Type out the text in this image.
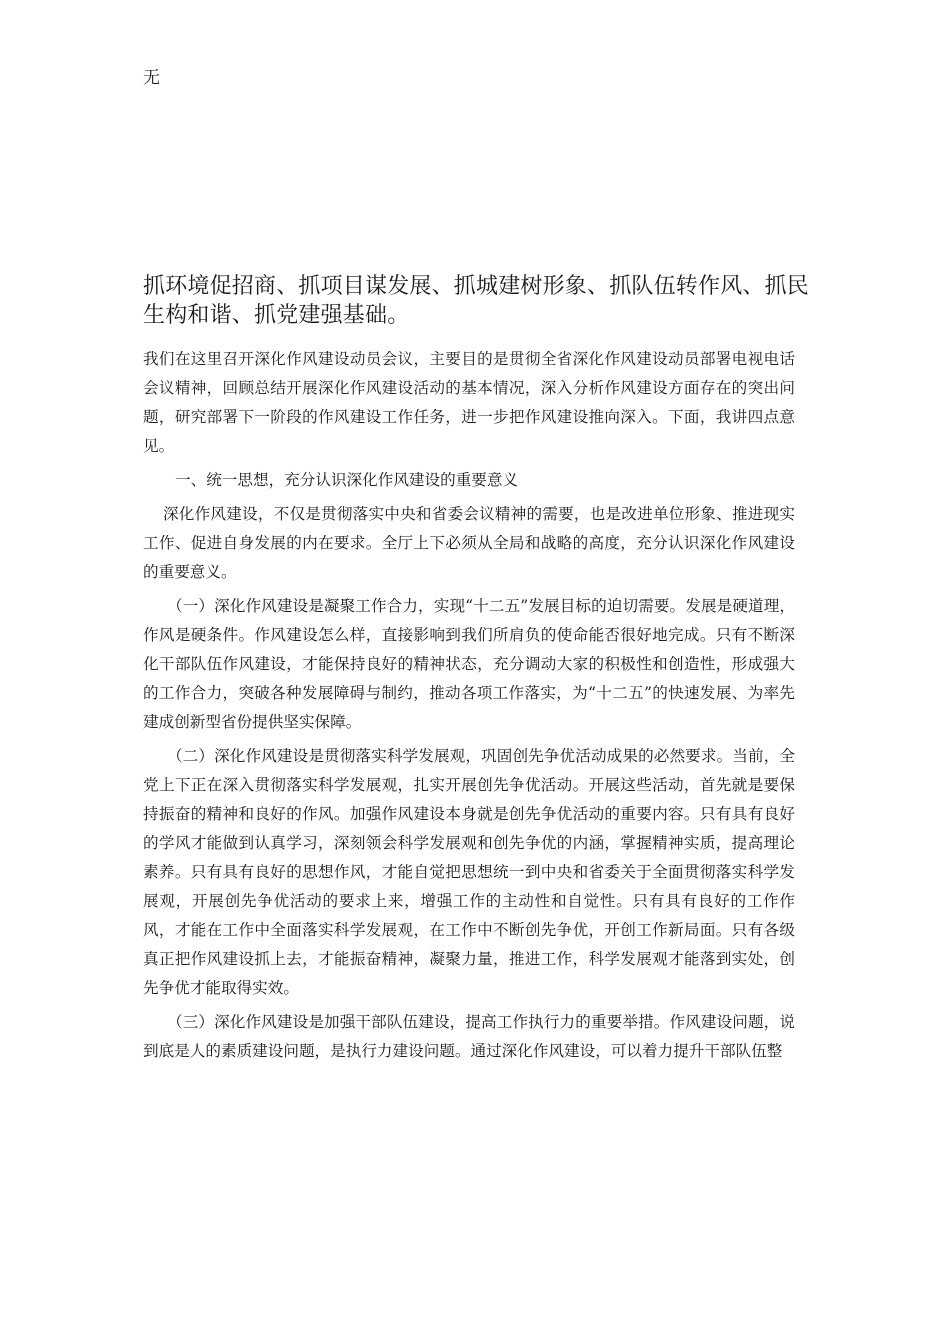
无
抓环境促招商、抓项目谋发展、抓城建树形象、抓队伍转作风、抓民生构和谐、抓党建强基础。

我们在这里召开深化作风建设动员会议，主要目的是贯彻全省深化作风建设动员部署电视电话会议精神，回顾总结开展深化作风建设活动的基本情况，深入分析作风建设方面存在的突出问题，研究部署下一阶段的作风建设工作任务，进一步把作风建设推向深入。下面，我讲四点意见。

一、统一思想，充分认识深化作风建设的重要意义

深化作风建设，不仅是贯彻落实中央和省委会议精神的需要，也是改进单位形象、推进现实工作、促进自身发展的内在要求。全厅上下必须从全局和战略的高度，充分认识深化作风建设的重要意义。

（一）深化作风建设是凝聚工作合力，实现“十二五”发展目标的迫切需要。发展是硬道理，作风是硬条件。作风建设怎么样，直接影响到我们所肩负的使命能否很好地完成。只有不断深化干部队伍作风建设，才能保持良好的精神状态，充分调动大家的积极性和创造性，形成强大的工作合力，突破各种发展障碍与制约，推动各项工作落实，为“十二五”的快速发展、为率先建成创新型省份提供坚实保障。

（二）深化作风建设是贯彻落实科学发展观，巩固创先争优活动成果的必然要求。当前，全党上下正在深入贯彻落实科学发展观，扎实开展创先争优活动。开展这些活动，首先就是要保持振奋的精神和良好的作风。加强作风建设本身就是创先争优活动的重要内容。只有具有良好的学风才能做到认真学习，深刻领会科学发展观和创先争优的内涵，掌握精神实质，提高理论素养。只有具有良好的思想作风，才能自觉把思想统一到中央和省委关于全面贯彻落实科学发展观，开展创先争优活动的要求上来，增强工作的主动性和自觉性。只有具有良好的工作作风，才能在工作中全面落实科学发展观，在工作中不断创先争优，开创工作新局面。只有各级真正把作风建设抓上去，才能振奋精神，凝聚力量，推进工作，科学发展观才能落到实处，创先争优才能取得实效。

（三）深化作风建设是加强干部队伍建设，提高工作执行力的重要举措。作风建设问题，说到底是人的素质建设问题，是执行力建设问题。通过深化作风建设，可以着力提升干部队伍整
